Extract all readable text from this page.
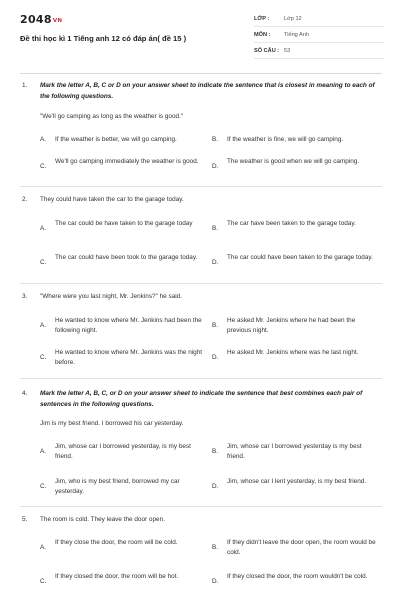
2048VN
Đề thi học kì 1 Tiếng anh 12 có đáp án( đề 15 )
LỚP :	Lớp 12
MÔN : Tiếng Anh
SỐ CÂU : 53
1. Mark the letter A, B, C or D on your answer sheet to indicate the sentence that is closest in meaning to each of the following questions.
"We'll go camping as long as the weather is good."
A. If the weather is better, we will go camping.	B. If the weather is fine, we will go camping.
C.
We'll go camping immediately the weather is good.
D.
The weather is good when we will go camping.
2. They could have taken the car to the garage today.
A.
The car could be have taken to the garage today
B.
The car have been taken to the garage today.
C.
The car could have been took to the garage today.
D.
The car could have been taken to the garage today.
3. "Where were you last night, Mr. Jenkins?" he said.
A.
He wanted to know where Mr. Jenkins had been the following night.
B.
He asked Mr. Jenkins where he had been the previous night.
C.
He wanted to know where Mr. Jenkins was the night before.
D.
He asked Mr. Jenkins where was he last night.
4. Mark the letter A, B, C, or D on your answer sheet to indicate the sentence that best combines each pair of sentences in the following questions.
Jim is my best friend. I borrowed his car yesterday.
A.
Jim, whose car I borrowed yesterday, is my best friend.
B.
Jim, whose car I borrowed yesterday is my best friend.
C.
Jim, who is my best friend, borrowed my car yesterday.
D.
Jim, whose car I lent yesterday, is my best friend.
5. The room is cold. They leave the door open.
A.
If they close the door, the room will be cold.
B.
If they didn't leave the door open, the room would be cold.
C.
If they closed the door, the room will be hot.
D.
If they closed the door, the room wouldn't be cold.
